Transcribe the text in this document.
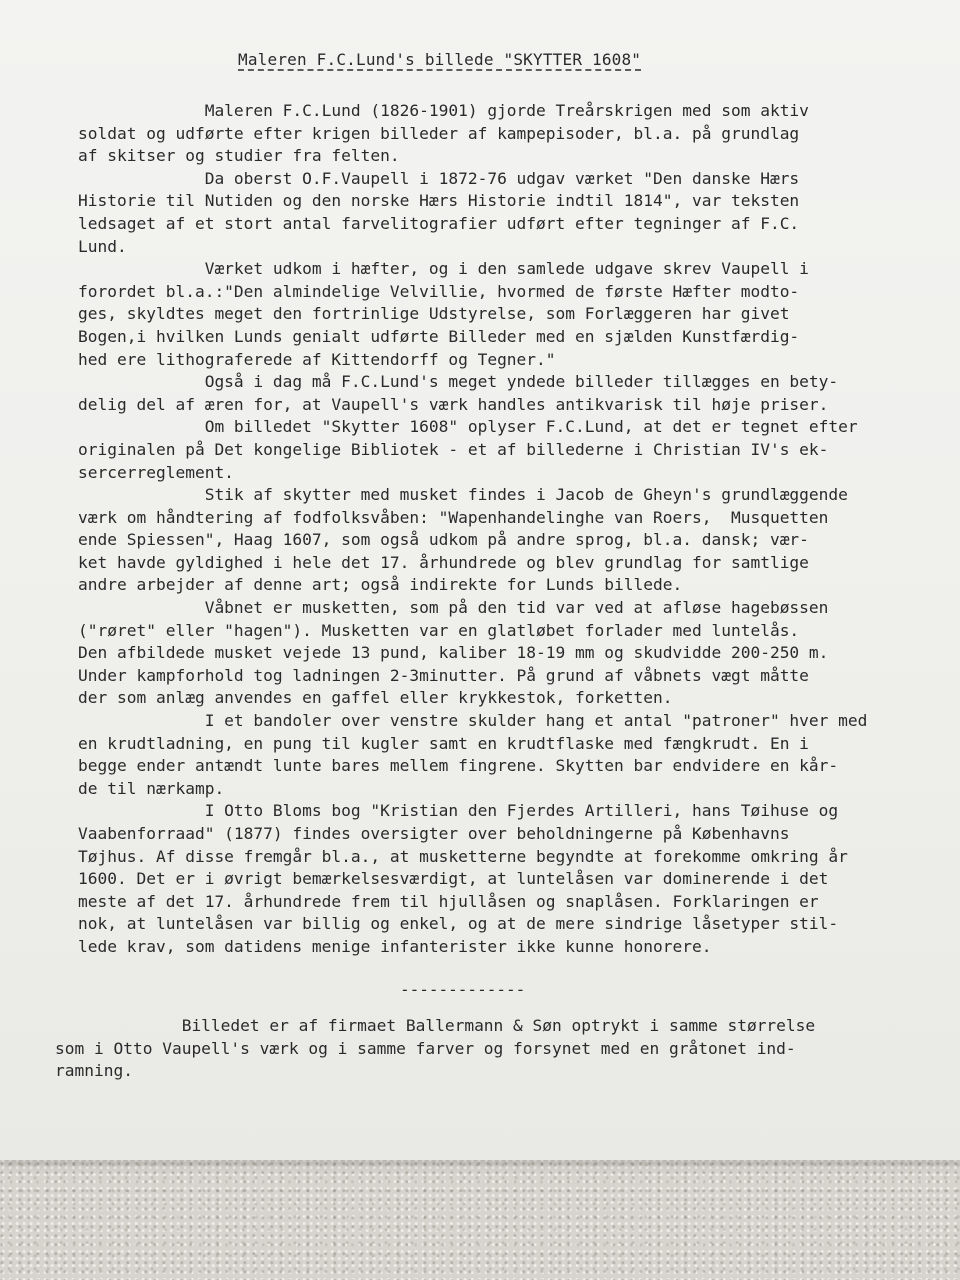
Maleren F.C.Lund's billede "SKYTTER 1608"
Maleren F.C.Lund (1826-1901) gjorde Treårskrigen med som aktiv
soldat og udførte efter krigen billeder af kampepisoder, bl.a. på grundlag
af skitser og studier fra felten.
Da oberst O.F.Vaupell i 1872-76 udgav værket "Den danske Hærs
Historie til Nutiden og den norske Hærs Historie indtil 1814", var teksten
ledsaget af et stort antal farvelitografier udført efter tegninger af F.C.
Lund.
Værket udkom i hæfter, og i den samlede udgave skrev Vaupell i
forordet bl.a.:"Den almindelige Velvillie, hvormed de første Hæfter modto-
ges, skyldtes meget den fortrinlige Udstyrelse, som Forlæggeren har givet
Bogen,i hvilken Lunds genialt udførte Billeder med en sjælden Kunstfærdig-
hed ere lithograferede af Kittendorff og Tegner."
Også i dag må F.C.Lund's meget yndede billeder tillægges en bety-
delig del af æren for, at Vaupell's værk handles antikvarisk til høje priser.
Om billedet "Skytter 1608" oplyser F.C.Lund, at det er tegnet efter
originalen på Det kongelige Bibliotek - et af billederne i Christian IV's ek-
sercerreglement.
Stik af skytter med musket findes i Jacob de Gheyn's grundlæggende
værk om håndtering af fodfolksvåben: "Wapenhandelinghe van Roers,  Musquetten
ende Spiessen", Haag 1607, som også udkom på andre sprog, bl.a. dansk; vær-
ket havde gyldighed i hele det 17. århundrede og blev grundlag for samtlige
andre arbejder af denne art; også indirekte for Lunds billede.
Våbnet er musketten, som på den tid var ved at afløse hagebøssen
("røret" eller "hagen"). Musketten var en glatløbet forlader med luntelås.
Den afbildede musket vejede 13 pund, kaliber 18-19 mm og skudvidde 200-250 m.
Under kampforhold tog ladningen 2-3minutter. På grund af våbnets vægt måtte
der som anlæg anvendes en gaffel eller krykkestok, forketten.
I et bandoler over venstre skulder hang et antal "patroner" hver med
en krudtladning, en pung til kugler samt en krudtflaske med fængkrudt. En i
begge ender antændt lunte bares mellem fingrene. Skytten bar endvidere en kår-
de til nærkamp.
I Otto Bloms bog "Kristian den Fjerdes Artilleri, hans Tøihuse og
Vaabenforraad" (1877) findes oversigter over beholdningerne på Københavns
Tøjhus. Af disse fremgår bl.a., at musketterne begyndte at forekomme omkring år
1600. Det er i øvrigt bemærkelsesværdigt, at luntelåsen var dominerende i det
meste af det 17. århundrede frem til hjullåsen og snaplåsen. Forklaringen er
nok, at luntelåsen var billig og enkel, og at de mere sindrige låsetyper stil-
lede krav, som datidens menige infanterister ikke kunne honorere.
-------------
Billedet er af firmaet Ballermann & Søn optrykt i samme størrelse
som i Otto Vaupell's værk og i samme farver og forsynet med en gråtonet ind-
ramning.
